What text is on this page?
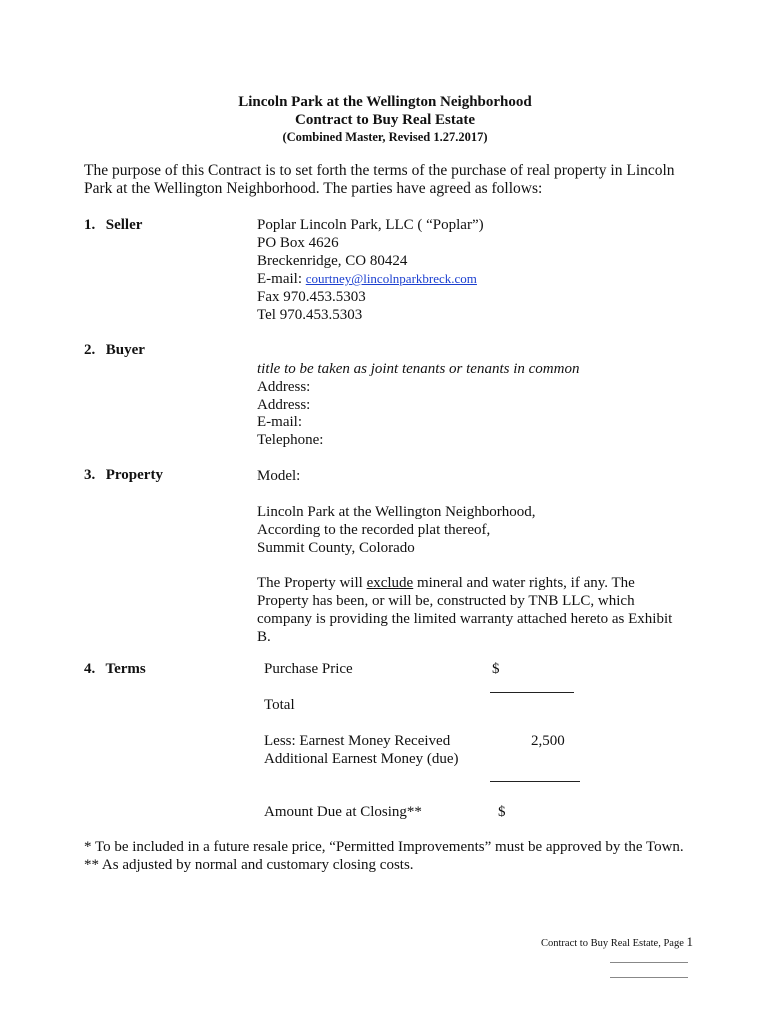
Lincoln Park at the Wellington Neighborhood
Contract to Buy Real Estate
(Combined Master, Revised 1.27.2017)
The purpose of this Contract is to set forth the terms of the purchase of real property in Lincoln Park at the Wellington Neighborhood. The parties have agreed as follows:
1. Seller	Poplar Lincoln Park, LLC ( “Poplar”)
PO Box 4626
Breckenridge, CO 80424
E-mail: courtney@lincolnparkbreck.com
Fax 970.453.5303
Tel 970.453.5303
2. Buyer
title to be taken as joint tenants or tenants in common
Address:
Address:
E-mail:
Telephone:
3. Property	Model:
Lincoln Park at the Wellington Neighborhood,
According to the recorded plat thereof,
Summit County, Colorado
The Property will exclude mineral and water rights, if any. The Property has been, or will be, constructed by TNB LLC, which company is providing the limited warranty attached hereto as Exhibit B.
4. Terms	Purchase Price	$
Total
Less: Earnest Money Received	2,500
Additional Earnest Money (due)
Amount Due at Closing**	$
* To be included in a future resale price, “Permitted Improvements” must be approved by the Town. ** As adjusted by normal and customary closing costs.
Contract to Buy Real Estate, Page 1
